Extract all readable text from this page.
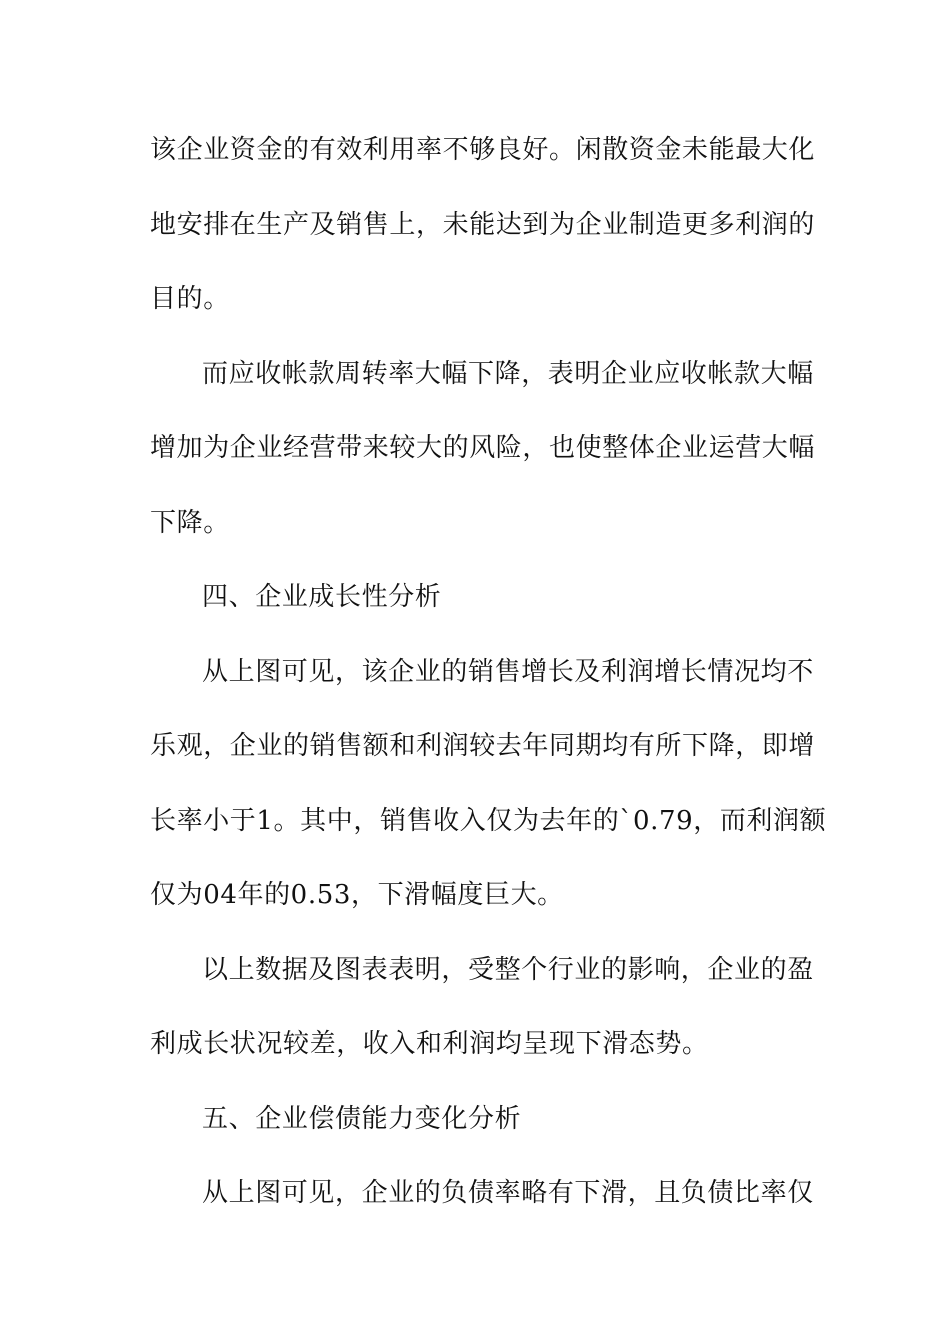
该企业资金的有效利用率不够良好。闲散资金未能最大化
地安排在生产及销售上，未能达到为企业制造更多利润的
目的。
而应收帐款周转率大幅下降，表明企业应收帐款大幅
增加为企业经营带来较大的风险，也使整体企业运营大幅
下降。
四、企业成长性分析
从上图可见，该企业的销售增长及利润增长情况均不
乐观，企业的销售额和利润较去年同期均有所下降，即增
长率小于1。其中，销售收入仅为去年的`0.79，而利润额
仅为04年的0.53，下滑幅度巨大。
以上数据及图表表明，受整个行业的影响，企业的盈
利成长状况较差，收入和利润均呈现下滑态势。
五、企业偿债能力变化分析
从上图可见，企业的负债率略有下滑，且负债比率仅
